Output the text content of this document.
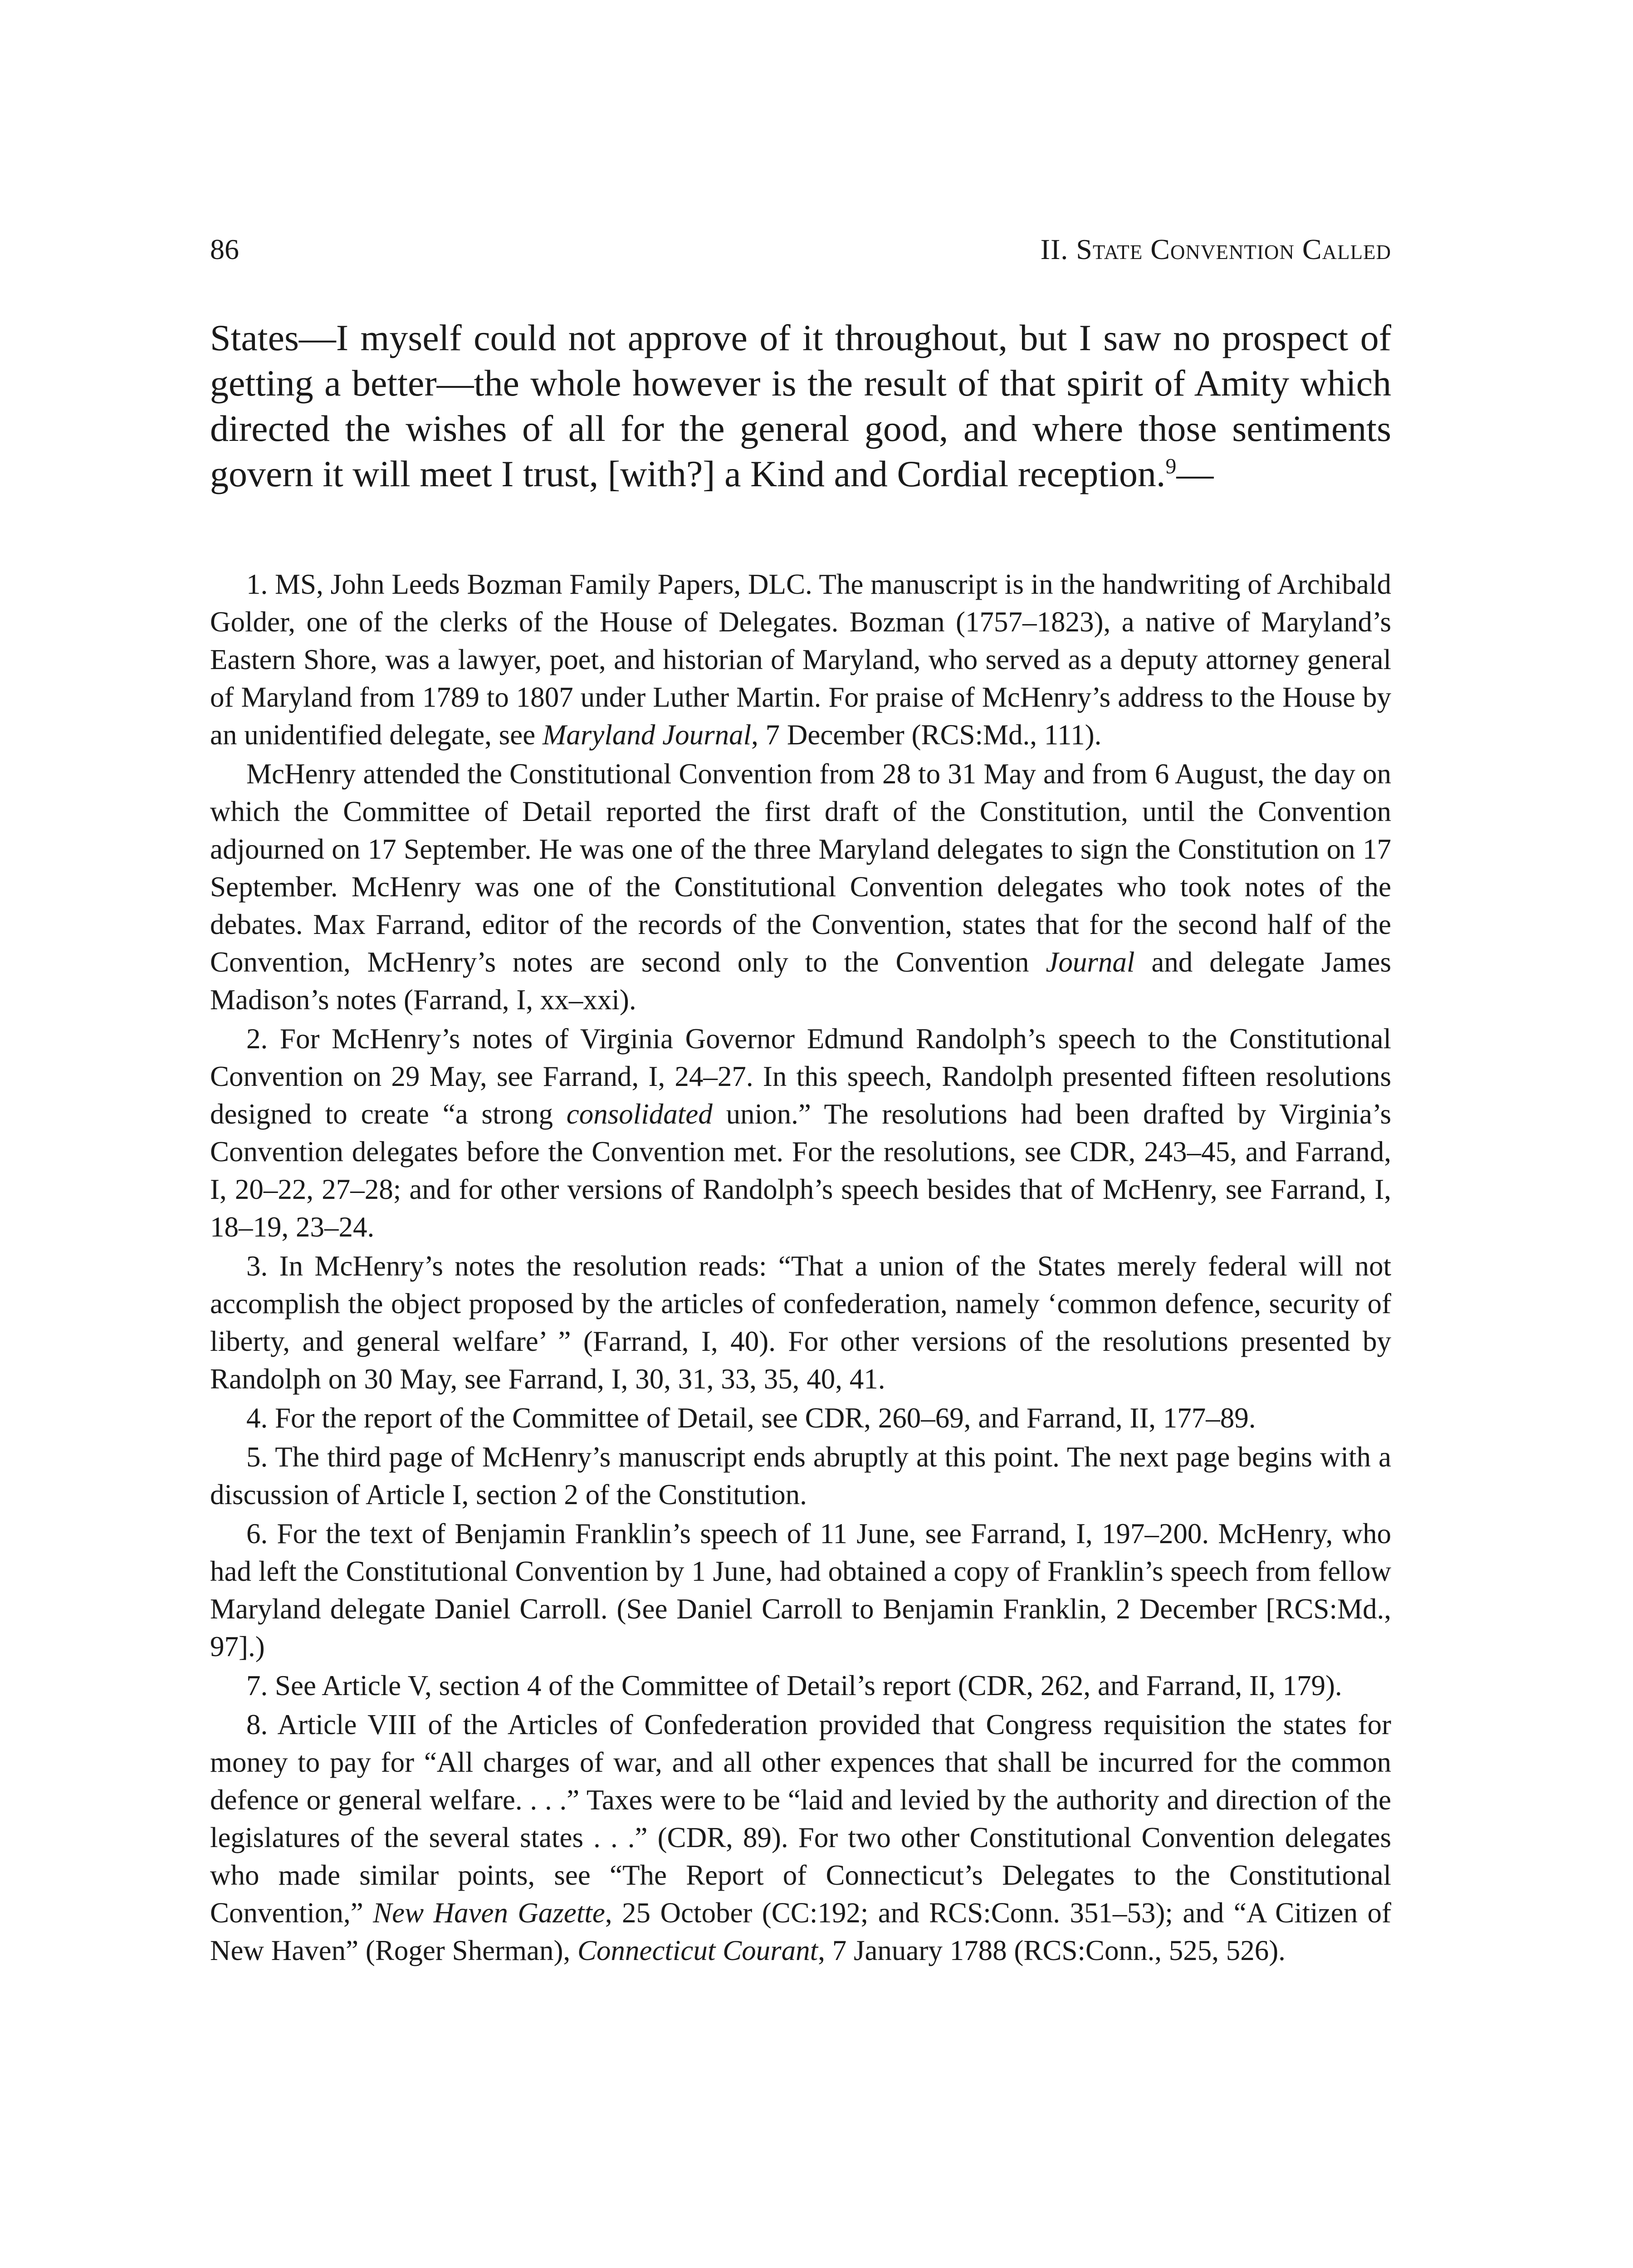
86	II. State Convention Called

States—I myself could not approve of it throughout, but I saw no prospect of getting a better—the whole however is the result of that spirit of Amity which directed the wishes of all for the general good, and where those sentiments govern it will meet I trust, [with?] a Kind and Cordial reception.$^9$—

1. MS, John Leeds Bozman Family Papers, DLC. The manuscript is in the handwriting of Archibald Golder, one of the clerks of the House of Delegates. Bozman (1757–1823), a native of Maryland’s Eastern Shore, was a lawyer, poet, and historian of Maryland, who served as a deputy attorney general of Maryland from 1789 to 1807 under Luther Martin. For praise of McHenry’s address to the House by an unidentified delegate, see Maryland Journal, 7 December (RCS:Md., 111).

McHenry attended the Constitutional Convention from 28 to 31 May and from 6 August, the day on which the Committee of Detail reported the first draft of the Constitution, until the Convention adjourned on 17 September. He was one of the three Maryland delegates to sign the Constitution on 17 September. McHenry was one of the Constitutional Convention delegates who took notes of the debates. Max Farrand, editor of the records of the Convention, states that for the second half of the Convention, McHenry’s notes are second only to the Convention Journal and delegate James Madison’s notes (Farrand, I, xx–xxi).

2. For McHenry’s notes of Virginia Governor Edmund Randolph’s speech to the Constitutional Convention on 29 May, see Farrand, I, 24–27. In this speech, Randolph presented fifteen resolutions designed to create “a strong consolidated union.” The resolutions had been drafted by Virginia’s Convention delegates before the Convention met. For the resolutions, see CDR, 243–45, and Farrand, I, 20–22, 27–28; and for other versions of Randolph’s speech besides that of McHenry, see Farrand, I, 18–19, 23–24.

3. In McHenry’s notes the resolution reads: “That a union of the States merely federal will not accomplish the object proposed by the articles of confederation, namely ‘common defence, security of liberty, and general welfare’ ” (Farrand, I, 40). For other versions of the resolutions presented by Randolph on 30 May, see Farrand, I, 30, 31, 33, 35, 40, 41.

4. For the report of the Committee of Detail, see CDR, 260–69, and Farrand, II, 177–89.

5. The third page of McHenry’s manuscript ends abruptly at this point. The next page begins with a discussion of Article I, section 2 of the Constitution.

6. For the text of Benjamin Franklin’s speech of 11 June, see Farrand, I, 197–200. McHenry, who had left the Constitutional Convention by 1 June, had obtained a copy of Franklin’s speech from fellow Maryland delegate Daniel Carroll. (See Daniel Carroll to Benjamin Franklin, 2 December [RCS:Md., 97].)

7. See Article V, section 4 of the Committee of Detail’s report (CDR, 262, and Farrand, II, 179).

8. Article VIII of the Articles of Confederation provided that Congress requisition the states for money to pay for “All charges of war, and all other expences that shall be incurred for the common defence or general welfare. . . .” Taxes were to be “laid and levied by the authority and direction of the legislatures of the several states . . .” (CDR, 89). For two other Constitutional Convention delegates who made similar points, see “The Report of Connecticut’s Delegates to the Constitutional Convention,” New Haven Gazette, 25 October (CC:192; and RCS:Conn. 351–53); and “A Citizen of New Haven” (Roger Sherman), Connecticut Courant, 7 January 1788 (RCS:Conn., 525, 526).
